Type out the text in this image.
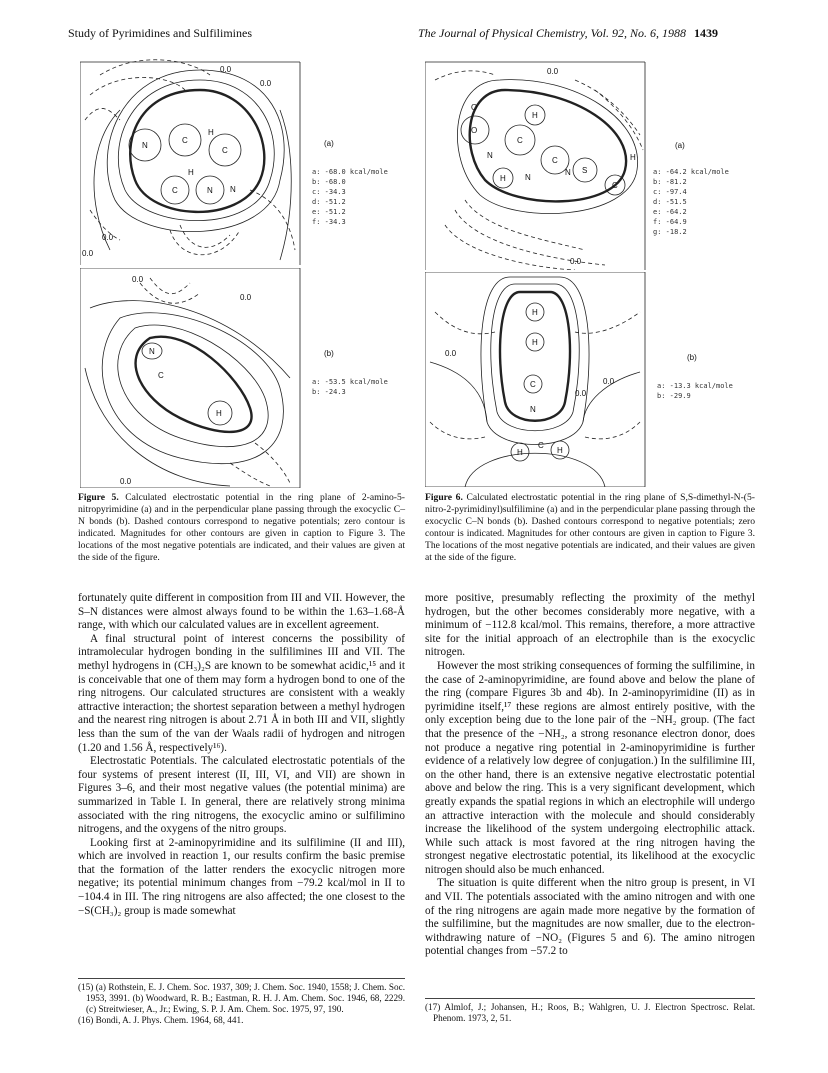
Study of Pyrimidines and Sulfilimines	The Journal of Physical Chemistry, Vol. 92, No. 6, 1988 1439
0.0
0.0
0.0
0.0
N
C
C
C	N
N
H
H
(a)
a: -68.0 kcal/mole
b: -68.0
c: -34.3
d: -51.2
e: -51.2
f: -34.3
0.0
0.0
0.0
N
C
H
(b)
a: -53.5 kcal/mole
b: -24.3
0.0
0.0
O
N
C
C
N
S
H
C
H
H
N
O
(a)
a: -64.2 kcal/mole
b: -81.2
c: -97.4
d: -51.5
e: -64.2
f: -64.9
g: -18.2
0.0
0.0
0.0
H
H
C
N
H
C
H
(b)
a: -13.3 kcal/mole
b: -29.9
Figure 5. Calculated electrostatic potential in the ring plane of 2-amino-5-nitropyrimidine (a) and in the perpendicular plane passing through the exocyclic C–N bonds (b). Dashed contours correspond to negative potentials; zero contour is indicated. Magnitudes for other contours are given in caption to Figure 3. The locations of the most negative potentials are indicated, and their values are given at the side of the figure.
Figure 6. Calculated electrostatic potential in the ring plane of S,S-dimethyl-N-(5-nitro-2-pyrimidinyl)sulfilimine (a) and in the perpendicular plane passing through the exocyclic C–N bonds (b). Dashed contours correspond to negative potentials; zero contour is indicated. Magnitudes for other contours are given in caption to Figure 3. The locations of the most negative potentials are indicated, and their values are given at the side of the figure.

fortunately quite different in composition from III and VII. However, the S–N distances were almost always found to be within the 1.63–1.68-Å range, with which our calculated values are in excellent agreement.

A final structural point of interest concerns the possibility of intramolecular hydrogen bonding in the sulfilimines III and VII. The methyl hydrogens in (CH₃)₂S are known to be somewhat acidic,¹⁵ and it is conceivable that one of them may form a hydrogen bond to one of the ring nitrogens. Our calculated structures are consistent with a weakly attractive interaction; the shortest separation between a methyl hydrogen and the nearest ring nitrogen is about 2.71 Å in both III and VII, slightly less than the sum of the van der Waals radii of hydrogen and nitrogen (1.20 and 1.56 Å, respectively¹⁶).

Electrostatic Potentials. The calculated electrostatic potentials of the four systems of present interest (II, III, VI, and VII) are shown in Figures 3–6, and their most negative values (the potential minima) are summarized in Table I. In general, there are relatively strong minima associated with the ring nitrogens, the exocyclic amino or sulfilimino nitrogens, and the oxygens of the nitro groups.

Looking first at 2-aminopyrimidine and its sulfilimine (II and III), which are involved in reaction 1, our results confirm the basic premise that the formation of the latter renders the exocyclic nitrogen more negative; its potential minimum changes from −79.2 kcal/mol in II to −104.4 in III. The ring nitrogens are also affected; the one closest to the −S(CH₃)₂ group is made somewhat

more positive, presumably reflecting the proximity of the methyl hydrogen, but the other becomes considerably more negative, with a minimum of −112.8 kcal/mol. This remains, therefore, a more attractive site for the initial approach of an electrophile than is the exocyclic nitrogen.

However the most striking consequences of forming the sulfilimine, in the case of 2-aminopyrimidine, are found above and below the plane of the ring (compare Figures 3b and 4b). In 2-aminopyrimidine (II) as in pyrimidine itself,¹⁷ these regions are almost entirely positive, with the only exception being due to the lone pair of the −NH₂ group. (The fact that the presence of the −NH₂, a strong resonance electron donor, does not produce a negative ring potential in 2-aminopyrimidine is further evidence of a relatively low degree of conjugation.) In the sulfilimine III, on the other hand, there is an extensive negative electrostatic potential above and below the ring. This is a very significant development, which greatly expands the spatial regions in which an electrophile will undergo an attractive interaction with the molecule and should considerably increase the likelihood of the system undergoing electrophilic attack. While such attack is most favored at the ring nitrogen having the strongest negative electrostatic potential, its likelihood at the exocyclic nitrogen should also be much enhanced.

The situation is quite different when the nitro group is present, in VI and VII. The potentials associated with the amino nitrogen and with one of the ring nitrogens are again made more negative by the formation of the sulfilimine, but the magnitudes are now smaller, due to the electron-withdrawing nature of −NO₂ (Figures 5 and 6). The amino nitrogen potential changes from −57.2 to

(15) (a) Rothstein, E. J. Chem. Soc. 1937, 309; J. Chem. Soc. 1940, 1558; J. Chem. Soc. 1953, 3991. (b) Woodward, R. B.; Eastman, R. H. J. Am. Chem. Soc. 1946, 68, 2229. (c) Streitwieser, A., Jr.; Ewing, S. P. J. Am. Chem. Soc. 1975, 97, 190.

(16) Bondi, A. J. Phys. Chem. 1964, 68, 441.

(17) Almlof, J.; Johansen, H.; Roos, B.; Wahlgren, U. J. Electron Spectrosc. Relat. Phenom. 1973, 2, 51.
